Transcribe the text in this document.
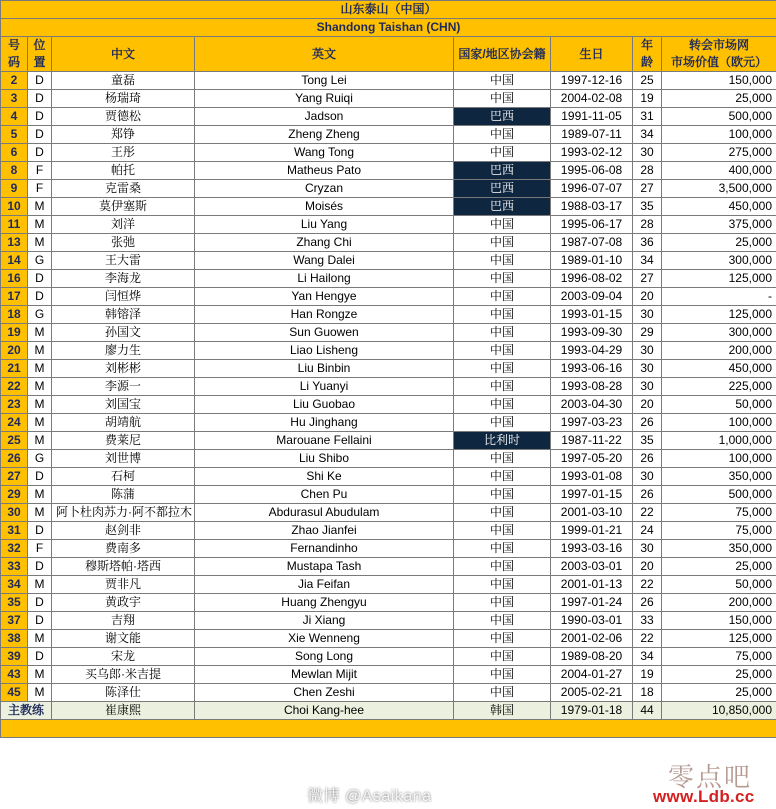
山东泰山（中国）							
Shandong Taishan (CHN)							
号码	位置	中文	英文	国家/地区协会籍	生日	年龄	转会市场网
市场价值（欧元）

2	D	童磊	Tong Lei	中国	1997-12-16	25	150,000
3	D	杨瑞琦	Yang Ruiqi	中国	2004-02-08	19	25,000
4	D	贾德松	Jadson	巴西	1991-11-05	31	500,000
5	D	郑铮	Zheng Zheng	中国	1989-07-11	34	100,000
6	D	王彤	Wang Tong	中国	1993-02-12	30	275,000
8	F	帕托	Matheus Pato	巴西	1995-06-08	28	400,000
9	F	克雷桑	Cryzan	巴西	1996-07-07	27	3,500,000
10	M	莫伊塞斯	Moisés	巴西	1988-03-17	35	450,000
11	M	刘洋	Liu Yang	中国	1995-06-17	28	375,000
13	M	张弛	Zhang Chi	中国	1987-07-08	36	25,000
14	G	王大雷	Wang Dalei	中国	1989-01-10	34	300,000
16	D	李海龙	Li Hailong	中国	1996-08-02	27	125,000
17	D	闫恒烨	Yan Hengye	中国	2003-09-04	20	-
18	G	韩镕泽	Han Rongze	中国	1993-01-15	30	125,000
19	M	孙国文	Sun Guowen	中国	1993-09-30	29	300,000
20	M	廖力生	Liao Lisheng	中国	1993-04-29	30	200,000
21	M	刘彬彬	Liu Binbin	中国	1993-06-16	30	450,000
22	M	李源一	Li Yuanyi	中国	1993-08-28	30	225,000
23	M	刘国宝	Liu Guobao	中国	2003-04-30	20	50,000
24	M	胡靖航	Hu Jinghang	中国	1997-03-23	26	100,000
25	M	费莱尼	Marouane Fellaini	比利时	1987-11-22	35	1,000,000
26	G	刘世博	Liu Shibo	中国	1997-05-20	26	100,000
27	D	石柯	Shi Ke	中国	1993-01-08	30	350,000
29	M	陈蒲	Chen Pu	中国	1997-01-15	26	500,000
30	M	阿卜杜肉苏力·阿不都拉木	Abdurasul Abudulam	中国	2001-03-10	22	75,000
31	D	赵剑非	Zhao Jianfei	中国	1999-01-21	24	75,000
32	F	费南多	Fernandinho	中国	1993-03-16	30	350,000
33	D	穆斯塔帕·塔西	Mustapa Tash	中国	2003-03-01	20	25,000
34	M	贾非凡	Jia Feifan	中国	2001-01-13	22	50,000
35	D	黄政宇	Huang Zhengyu	中国	1997-01-24	26	200,000
37	D	吉翔	Ji Xiang	中国	1990-03-01	33	150,000
38	M	谢文能	Xie Wenneng	中国	2001-02-06	22	125,000
39	D	宋龙	Song Long	中国	1989-08-20	34	75,000
43	M	买乌郎·米吉提	Mewlan Mijit	中国	2004-01-27	19	25,000
45	M	陈泽仕	Chen Zeshi	中国	2005-02-21	18	25,000
主教练		崔康熙	Choi Kang-hee	韩国	1979-01-18	44	10,850,000

微博 @Asaikana
零点吧
www.Ldb.cc
